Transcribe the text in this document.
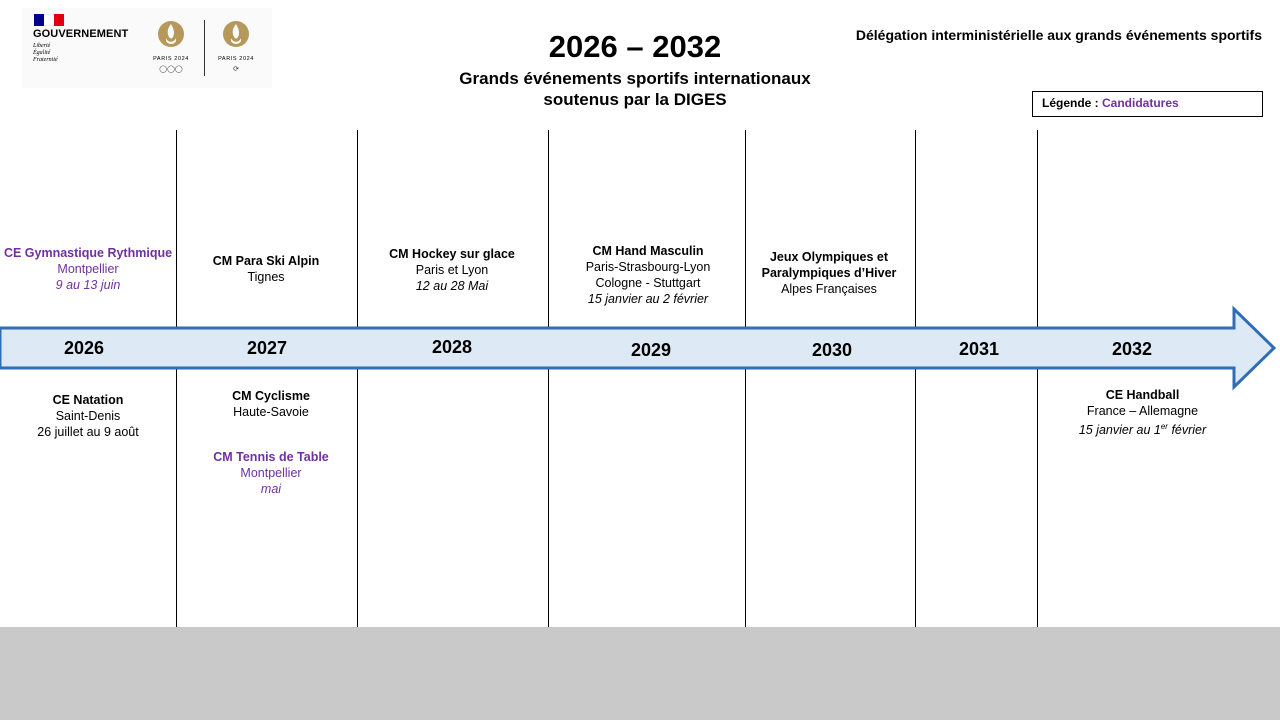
GOUVERNEMENT
Liberté
Égalité
Fraternité	PARIS 2024
◯◯◯
PARIS 2024
⟳
2026 – 2032
Grands événements sportifs internationaux
soutenus par la DIGES
Délégation interministérielle aux grands événements sportifs
Légende : Candidatures
2026	2027	2028	2029	2030	2031	2032
CE Gymnastique Rythmique
Montpellier
9 au 13 juin
CM Para Ski Alpin
Tignes
CM Hockey sur glace
Paris et Lyon
12 au 28 Mai
CM Hand Masculin
Paris-Strasbourg-Lyon
Cologne - Stuttgart
15 janvier au 2 février
Jeux Olympiques et
Paralympiques d’Hiver
Alpes Françaises
CE Natation
Saint-Denis
26 juillet au 9 août
CM Cyclisme
Haute-Savoie
CM Tennis de Table
Montpellier
mai
CE Handball
France – Allemagne
15 janvier au 1er février
